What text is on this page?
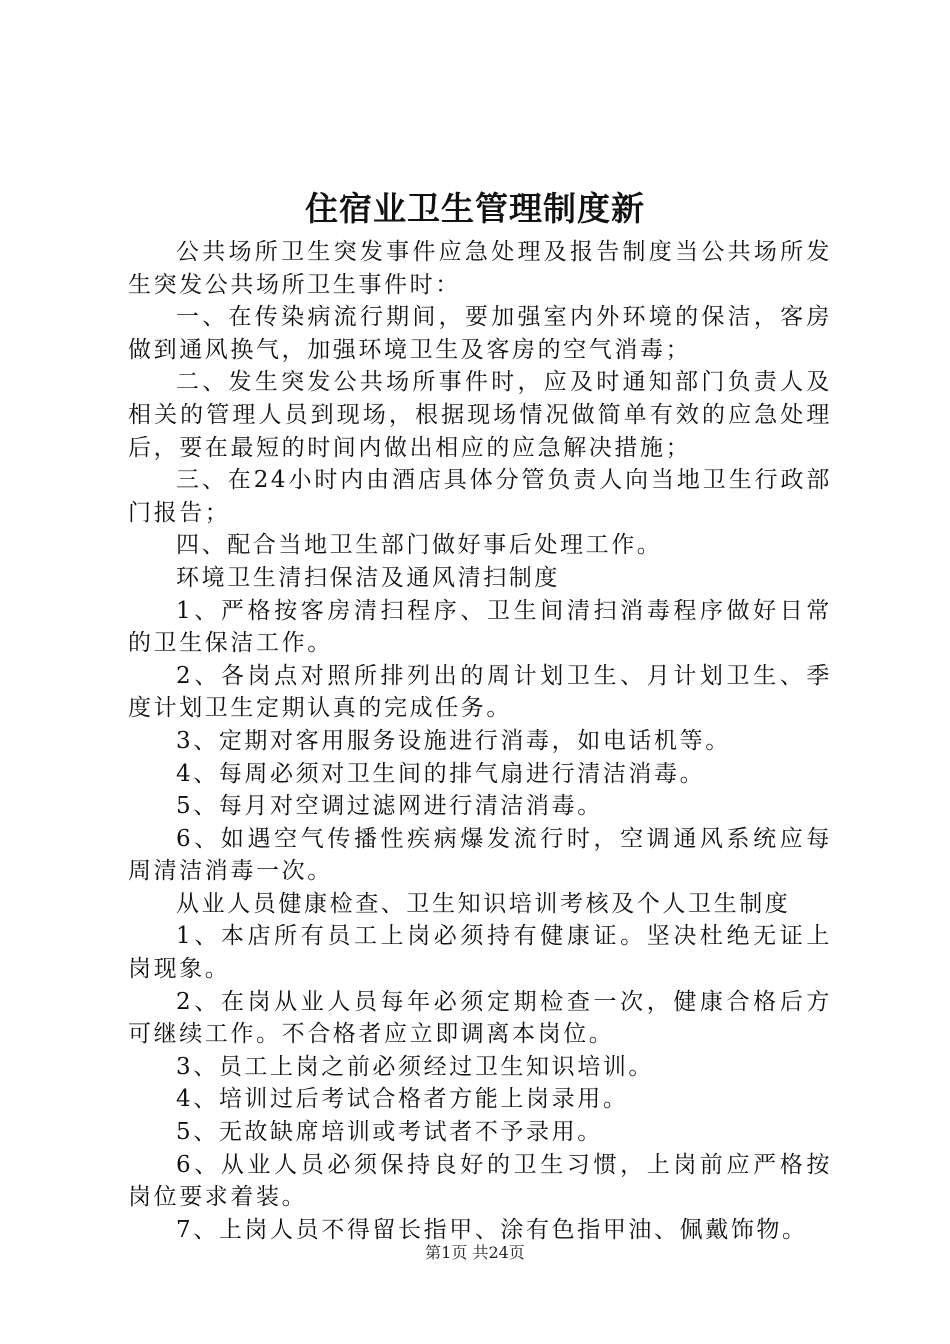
住宿业卫生管理制度新

公共场所卫生突发事件应急处理及报告制度当公共场所发生突发公共场所卫生事件时：

一、在传染病流行期间，要加强室内外环境的保洁，客房做到通风换气，加强环境卫生及客房的空气消毒；

二、发生突发公共场所事件时，应及时通知部门负责人及相关的管理人员到现场，根据现场情况做简单有效的应急处理后，要在最短的时间内做出相应的应急解决措施；

三、在24小时内由酒店具体分管负责人向当地卫生行政部门报告；

四、配合当地卫生部门做好事后处理工作。

环境卫生清扫保洁及通风清扫制度

1、严格按客房清扫程序、卫生间清扫消毒程序做好日常的卫生保洁工作。

2、各岗点对照所排列出的周计划卫生、月计划卫生、季度计划卫生定期认真的完成任务。

3、定期对客用服务设施进行消毒，如电话机等。

4、每周必须对卫生间的排气扇进行清洁消毒。

5、每月对空调过滤网进行清洁消毒。

6、如遇空气传播性疾病爆发流行时，空调通风系统应每周清洁消毒一次。

从业人员健康检查、卫生知识培训考核及个人卫生制度

1、本店所有员工上岗必须持有健康证。坚决杜绝无证上岗现象。

2、在岗从业人员每年必须定期检查一次，健康合格后方可继续工作。不合格者应立即调离本岗位。

3、员工上岗之前必须经过卫生知识培训。

4、培训过后考试合格者方能上岗录用。

5、无故缺席培训或考试者不予录用。

6、从业人员必须保持良好的卫生习惯，上岗前应严格按岗位要求着装。

7、上岗人员不得留长指甲、涂有色指甲油、佩戴饰物。

第1页 共24页
